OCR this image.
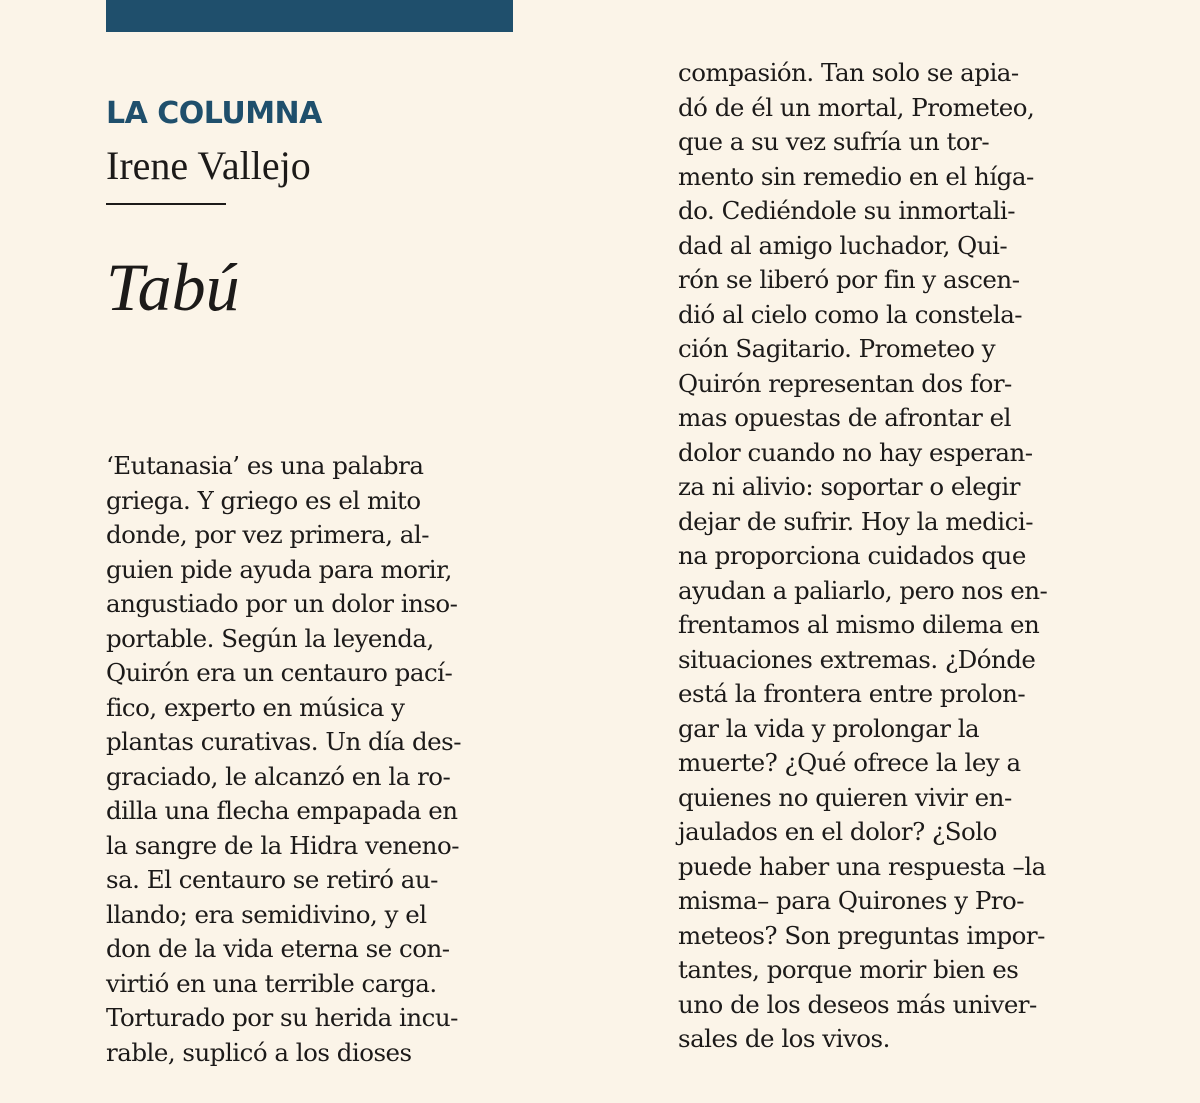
LA COLUMNA
Irene Vallejo
Tabú
‘Eutanasia’ es una palabra
griega. Y griego es el mito
donde, por vez primera, al-
guien pide ayuda para morir,
angustiado por un dolor inso-
portable. Según la leyenda,
Quirón era un centauro pací-
fico, experto en música y
plantas curativas. Un día des-
graciado, le alcanzó en la ro-
dilla una flecha empapada en
la sangre de la Hidra veneno-
sa. El centauro se retiró au-
llando; era semidivino, y el
don de la vida eterna se con-
virtió en una terrible carga.
Torturado por su herida incu-
rable, suplicó a los dioses
compasión. Tan solo se apia-
dó de él un mortal, Prometeo,
que a su vez sufría un tor-
mento sin remedio en el híga-
do. Cediéndole su inmortali-
dad al amigo luchador, Qui-
rón se liberó por fin y ascen-
dió al cielo como la constela-
ción Sagitario. Prometeo y
Quirón representan dos for-
mas opuestas de afrontar el
dolor cuando no hay esperan-
za ni alivio: soportar o elegir
dejar de sufrir. Hoy la medici-
na proporciona cuidados que
ayudan a paliarlo, pero nos en-
frentamos al mismo dilema en
situaciones extremas. ¿Dónde
está la frontera entre prolon-
gar la vida y prolongar la
muerte? ¿Qué ofrece la ley a
quienes no quieren vivir en-
jaulados en el dolor? ¿Solo
puede haber una respuesta –la
misma– para Quirones y Pro-
meteos? Son preguntas impor-
tantes, porque morir bien es
uno de los deseos más univer-
sales de los vivos.
